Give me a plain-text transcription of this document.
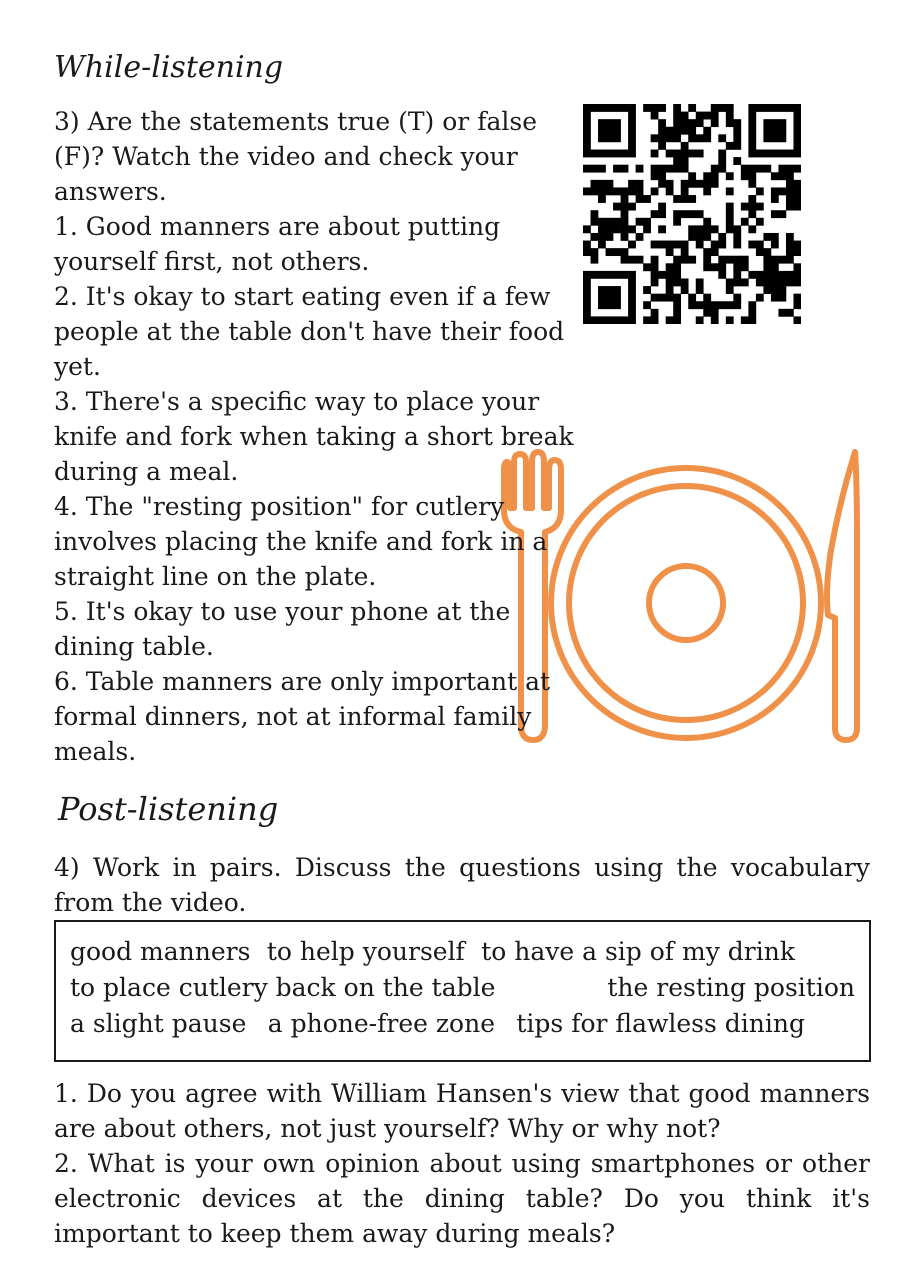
While-listening
3) Are the statements true (T) or false
(F)? Watch the video and check your
answers.
1. Good manners are about putting
yourself first, not others.
2. It's okay to start eating even if a few
people at the table don't have their food
yet.
3. There's a specific way to place your
knife and fork when taking a short break
during a meal.
4. The "resting position" for cutlery
involves placing the knife and fork in a
straight line on the plate.
5. It's okay to use your phone at the
dining table.
6. Table manners are only important at
formal dinners, not at informal family
meals.
Post-listening

4) Work in pairs. Discuss the questions using the vocabulary from the video.

good manners to help yourself to have a sip of my drink
to place cutlery back on the table	the resting position
a slight pause a phone-free zone tips for flawless dining

1. Do you agree with William Hansen's view that good manners are about others, not just yourself? Why or why not?

2. What is your own opinion about using smartphones or other electronic devices at the dining table? Do you think it's important to keep them away during meals?
